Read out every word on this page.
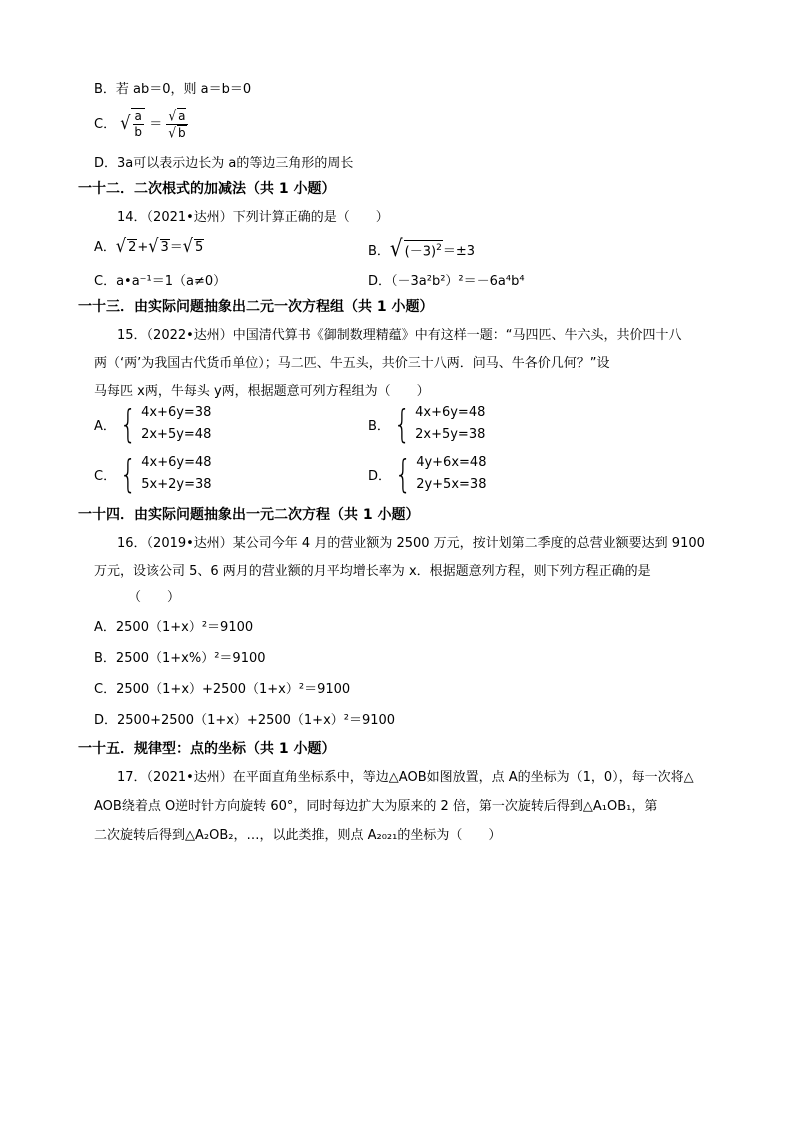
B．若 ab＝0，则 a＝b＝0
C． √ $\frac{a}{b} = \frac{√ a}{√ b}$
D．3a可以表示边长为 a的等边三角形的周长
一十二．二次根式的加减法（共 1 小题）
14．（2021•达州）下列计算正确的是（　　）
A．√ 2+√ 3＝√ 5	B．√ $(-3)^2=\pm 3$
C．a•a⁻¹＝1（a≠0）	D．（－3a²b²）²＝－6a⁴b⁴
一十三．由实际问题抽象出二元一次方程组（共 1 小题）
15．（2022•达州）中国清代算书《御制数理精蕴》中有这样一题：“马四匹、牛六头，共价四十八
两（‘两’为我国古代货币单位）；马二匹、牛五头，共价三十八两．问马、牛各价几何？”设
马每匹 x两，牛每头 y两，根据题意可列方程组为（　　）
A． { 4x+6y=38
2x+5y=48
B． { 4x+6y=48
2x+5y=38
C． { 4x+6y=48
5x+2y=38
D． { 4y+6x=48
2y+5x=38
一十四．由实际问题抽象出一元二次方程（共 1 小题）
16．（2019•达州）某公司今年 4 月的营业额为 2500 万元，按计划第二季度的总营业额要达到 9100
万元，设该公司 5、6 两月的营业额的月平均增长率为 x．根据题意列方程，则下列方程正确的是
（　　）
A．2500（1+x）²＝9100
B．2500（1+x%）²＝9100
C．2500（1+x）+2500（1+x）²＝9100
D．2500+2500（1+x）+2500（1+x）²＝9100
一十五．规律型：点的坐标（共 1 小题）
17．（2021•达州）在平面直角坐标系中，等边△AOB如图放置，点 A的坐标为（1，0），每一次将△
AOB绕着点 O逆时针方向旋转 60°，同时每边扩大为原来的 2 倍，第一次旋转后得到△A₁OB₁，第
二次旋转后得到△A₂OB₂，…，以此类推，则点 A₂₀₂₁的坐标为（　　）
